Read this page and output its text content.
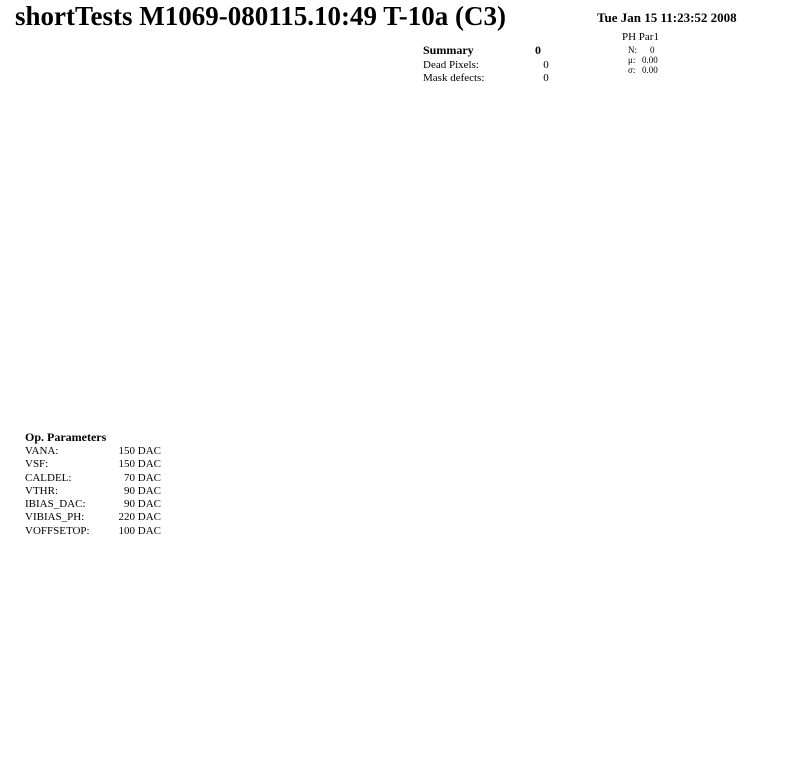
shortTests M1069-080115.10:49 T-10a (C3)	Tue Jan 15 11:23:52 2008
Summary	0
Dead Pixels:	0
Mask defects:	0
PH Par1
N: 0
μ: 0.00
σ: 0.00
Op. Parameters
VANA:	150 DAC
VSF:	150 DAC
CALDEL:	70 DAC
VTHR:	90 DAC
IBIAS_DAC:	90 DAC
VIBIAS_PH:	220 DAC
VOFFSETOP:	100 DAC
